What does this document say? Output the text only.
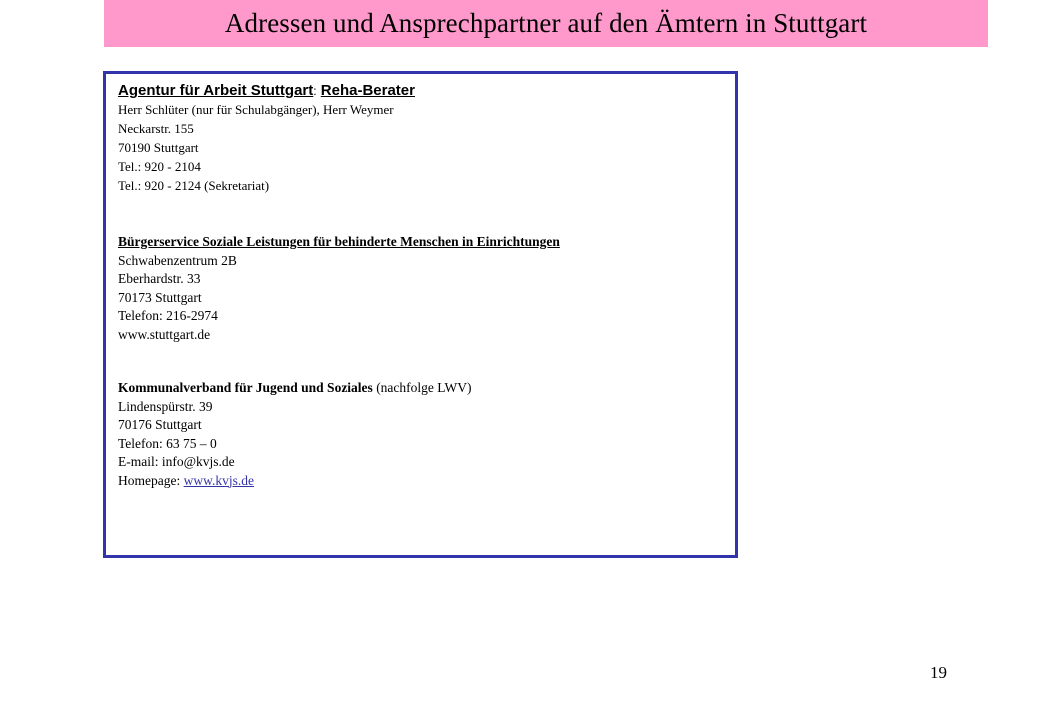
Adressen und Ansprechpartner auf den Ämtern in Stuttgart
Agentur für Arbeit Stuttgart: Reha-Berater
Herr Schlüter (nur für Schulabgänger), Herr Weymer
Neckarstr. 155
70190 Stuttgart
Tel.: 920 - 2104
Tel.: 920 - 2124 (Sekretariat)
Bürgerservice Soziale Leistungen für behinderte Menschen in Einrichtungen
Schwabenzentrum 2B
Eberhardstr. 33
70173 Stuttgart
Telefon: 216-2974
www.stuttgart.de
Kommunalverband für Jugend und Soziales (nachfolge LWV)
Lindenspürstr. 39
70176 Stuttgart
Telefon: 63 75 – 0
E-mail: info@kvjs.de
Homepage: www.kvjs.de
19
